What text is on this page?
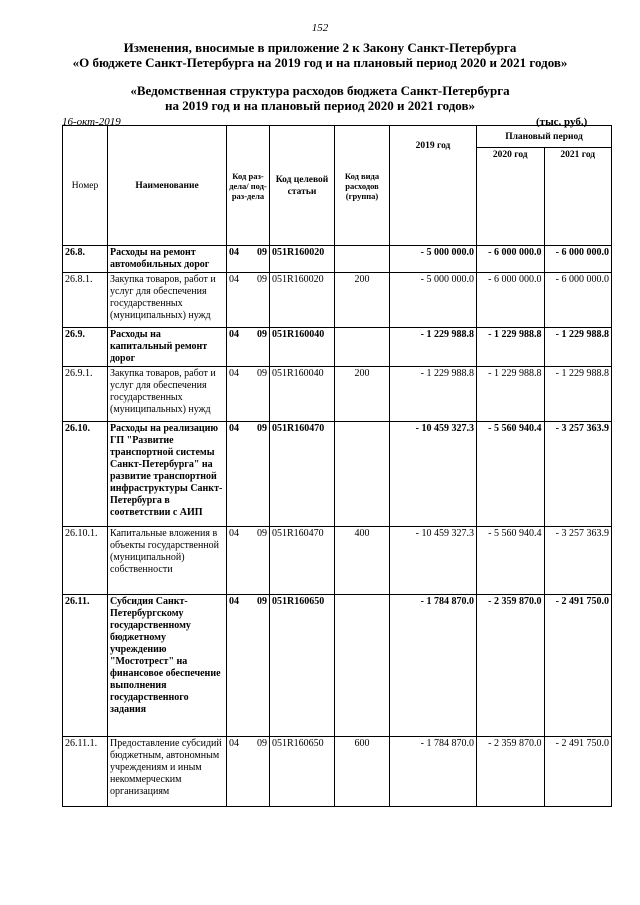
152
Изменения, вносимые в приложение 2 к Закону Санкт-Петербурга
«О бюджете Санкт-Петербурга на 2019 год и на плановый период 2020 и 2021 годов»
«Ведомственная структура расходов бюджета Санкт-Петербурга
на 2019 год и на плановый период 2020 и 2021 годов»
16-окт-2019	(тыс. руб.)
Номер	Наименование	Код раз-дела/ под-раз-дела		Код целевой статьи	Код вида расходов (группа)	2019 год	Плановый период	
							2020 год	2021 год
26.8.	Расходы на ремонт автомобильных дорог	04	09	051R160020		- 5 000 000.0	- 6 000 000.0	- 6 000 000.0
26.8.1.	Закупка товаров, работ и услуг для обеспечения государственных (муниципальных) нужд	04	09	051R160020	200	- 5 000 000.0	- 6 000 000.0	- 6 000 000.0
26.9.	Расходы на капитальный ремонт дорог	04	09	051R160040		- 1 229 988.8	- 1 229 988.8	- 1 229 988.8
26.9.1.	Закупка товаров, работ и услуг для обеспечения государственных (муниципальных) нужд	04	09	051R160040	200	- 1 229 988.8	- 1 229 988.8	- 1 229 988.8
26.10.	Расходы на реализацию ГП "Развитие транспортной системы Санкт-Петербурга" на развитие транспортной инфраструктуры Санкт-Петербурга в соответствии с АИП	04	09	051R160470		- 10 459 327.3	- 5 560 940.4	- 3 257 363.9
26.10.1.	Капитальные вложения в объекты государственной (муниципальной) собственности	04	09	051R160470	400	- 10 459 327.3	- 5 560 940.4	- 3 257 363.9
26.11.	Субсидия Санкт-Петербургскому государственному бюджетному учреждению "Мостотрест" на финансовое обеспечение выполнения государственного задания	04	09	051R160650		- 1 784 870.0	- 2 359 870.0	- 2 491 750.0
26.11.1.	Предоставление субсидий бюджетным, автономным учреждениям и иным некоммерческим организациям	04	09	051R160650	600	- 1 784 870.0	- 2 359 870.0	- 2 491 750.0
